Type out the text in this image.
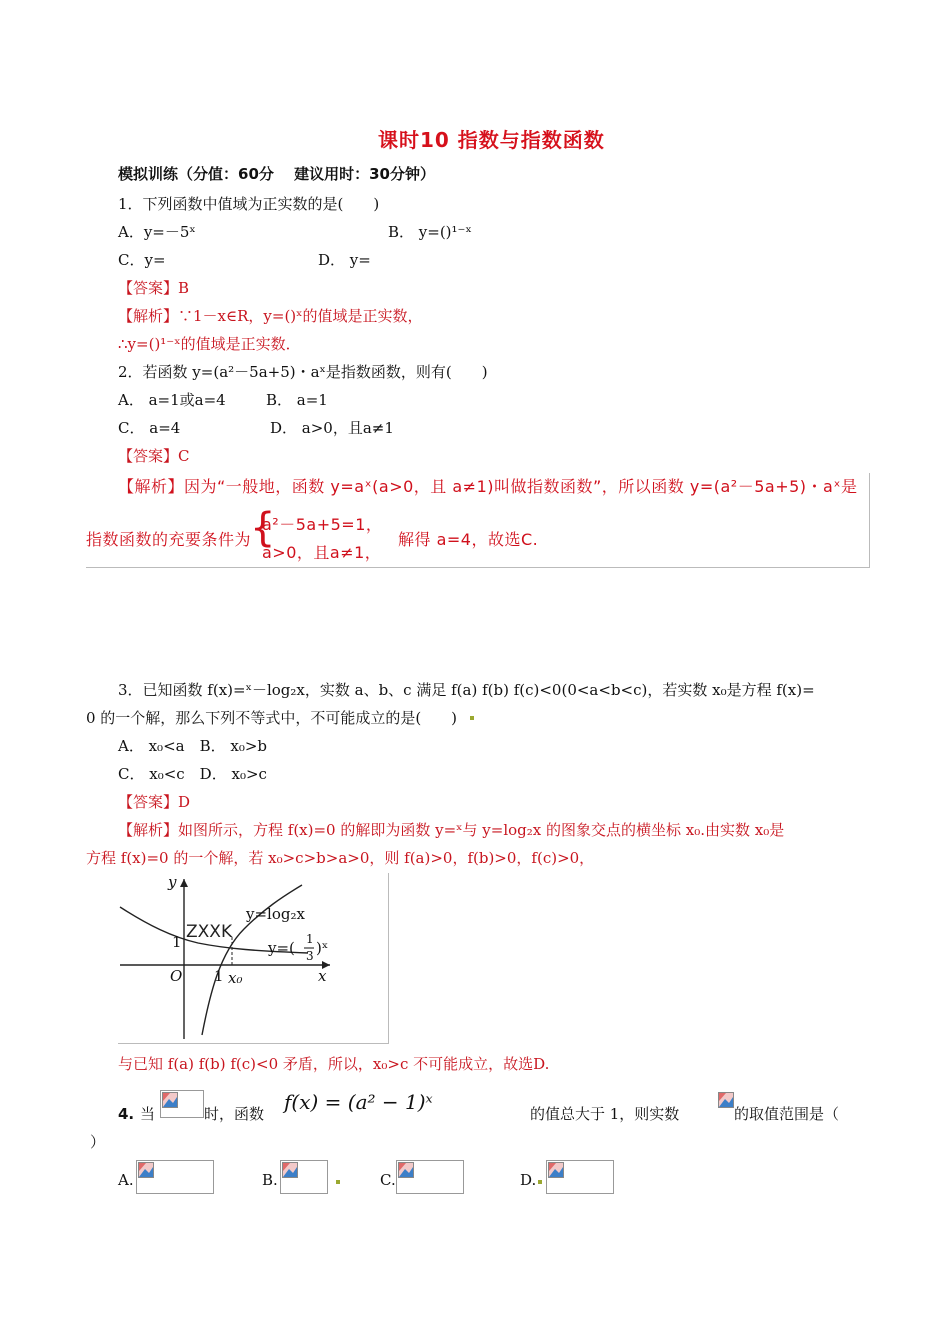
课时10 指数与指数函数
模拟训练（分值：60分　 建议用时：30分钟）
1．下列函数中值域为正实数的是(　　)
A．y=－5ˣ	B． y=()¹⁻ˣ
C．y=	D． y=
【答案】B
【解析】∵1－x∈R，y=()ˣ的值域是正实数，
∴y=()¹⁻ˣ的值域是正实数．
2．若函数 y=(a²－5a+5)・aˣ是指数函数，则有(　　)
A． a=1或a=4	B． a=1
C． a=4	D． a>0，且a≠1
【答案】C
【解析】因为“一般地，函数 y=aˣ(a>0，且 a≠1)叫做指数函数”，所以函数 y=(a²－5a+5)・aˣ是
指数函数的充要条件为
{
a²－5a+5=1，
a>0，且a≠1，
解得 a=4，故选C.
3．已知函数 f(x)=ˣ－log₂x，实数 a、b、c 满足 f(a) f(b) f(c)<0(0<a<b<c)，若实数 x₀是方程 f(x)=
0 的一个解，那么下列不等式中，不可能成立的是(　　)
A． x₀<a　B． x₀>b
C． x₀<c　D． x₀>c
【答案】D
【解析】如图所示，方程 f(x)=0 的解即为函数 y=ˣ与 y=log₂x 的图象交点的横坐标 x₀.由实数 x₀是
方程 f(x)=0 的一个解，若 x₀>c>b>a>0，则 f(a)>0，f(b)>0，f(c)>0，
y
x
O
1
1 x₀
ZXXK
y=log₂x
y=( 1
3 )ˣ
与已知 f(a) f(b) f(c)<0 矛盾，所以，x₀>c 不可能成立，故选D.
4. 当	时，函数 f(x) = (a² − 1)ˣ	的值总大于 1，则实数	的取值范围是（
）
A.	B.	C.	D.
